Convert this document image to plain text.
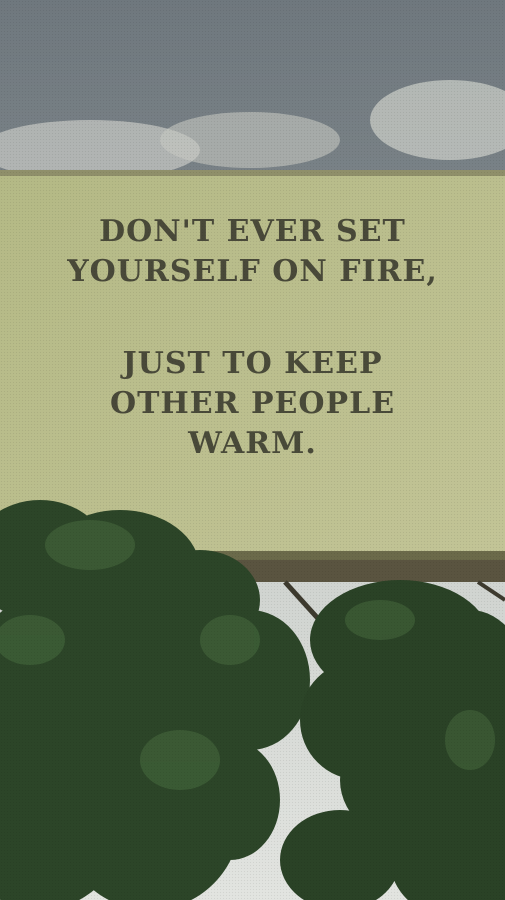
DON'T EVER SET
YOURSELF ON FIRE,
JUST TO KEEP
OTHER PEOPLE
WARM.
